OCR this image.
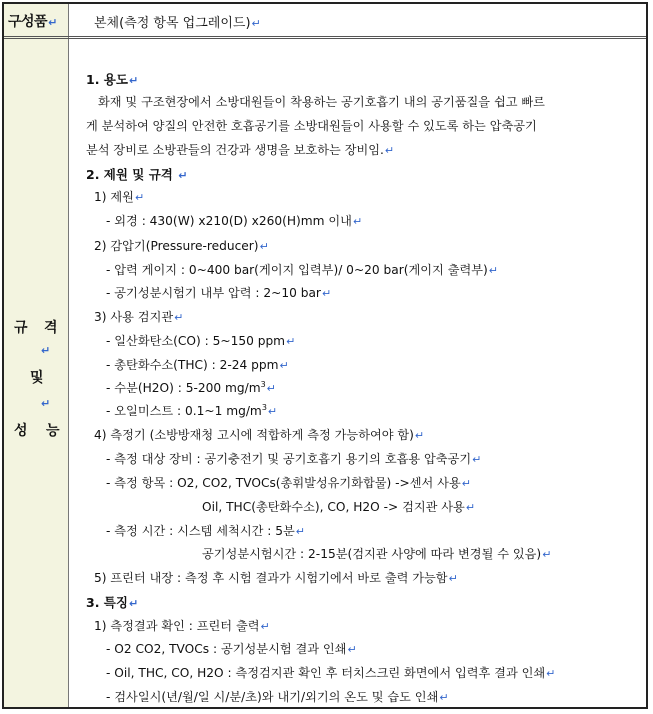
구성품↵	본체(측정 항목 업그레이드)↵
규 격
↵
및
↵
성 능
1. 용도↵
화재 및 구조현장에서 소방대원들이 착용하는 공기호흡기 내의 공기품질을 쉽고 빠르
게 분석하여 양질의 안전한 호흡공기를 소방대원들이 사용할 수 있도록 하는 압축공기
분석 장비로 소방관들의 건강과 생명을 보호하는 장비임.↵
2. 제원 및 규격 ↵
1) 제원↵
- 외경 : 430(W) x210(D) x260(H)mm 이내↵
2) 감압기(Pressure-reducer)↵
- 압력 게이지 : 0~400 bar(게이지 입력부)/ 0~20 bar(게이지 출력부)↵
- 공기성분시험기 내부 압력 : 2~10 bar↵
3) 사용 검지관↵
- 일산화탄소(CO) : 5~150 ppm↵
- 총탄화수소(THC) : 2-24 ppm↵
- 수분(H2O) : 5-200 $mg/m^3↵$
- 오일미스트 : 0.1~1 $mg/m^3↵$
4) 측정기 (소방방재청 고시에 적합하게 측정 가능하여야 함)↵
- 측정 대상 장비 : 공기충전기 및 공기호흡기 용기의 호흡용 압축공기↵
- 측정 항목 : O2, CO2, TVOCs(총휘발성유기화합물) ->센서 사용↵
Oil, THC(총탄화수소), CO, H2O -> 검지관 사용↵
- 측정 시간 : 시스템 세척시간 : 5분↵
공기성분시험시간 : 2-15분(검지관 사양에 따라 변경될 수 있음)↵
5) 프린터 내장 : 측정 후 시험 결과가 시험기에서 바로 출력 가능함↵
3. 특징↵
1) 측정결과 확인 : 프린터 출력↵
- O2 CO2, TVOCs : 공기성분시험 결과 인쇄↵
- Oil, THC, CO, H2O : 측정검지관 확인 후 터치스크린 화면에서 입력후 결과 인쇄↵
- 검사일시(년/월/일 시/분/초)와 내기/외기의 온도 및 습도 인쇄↵
